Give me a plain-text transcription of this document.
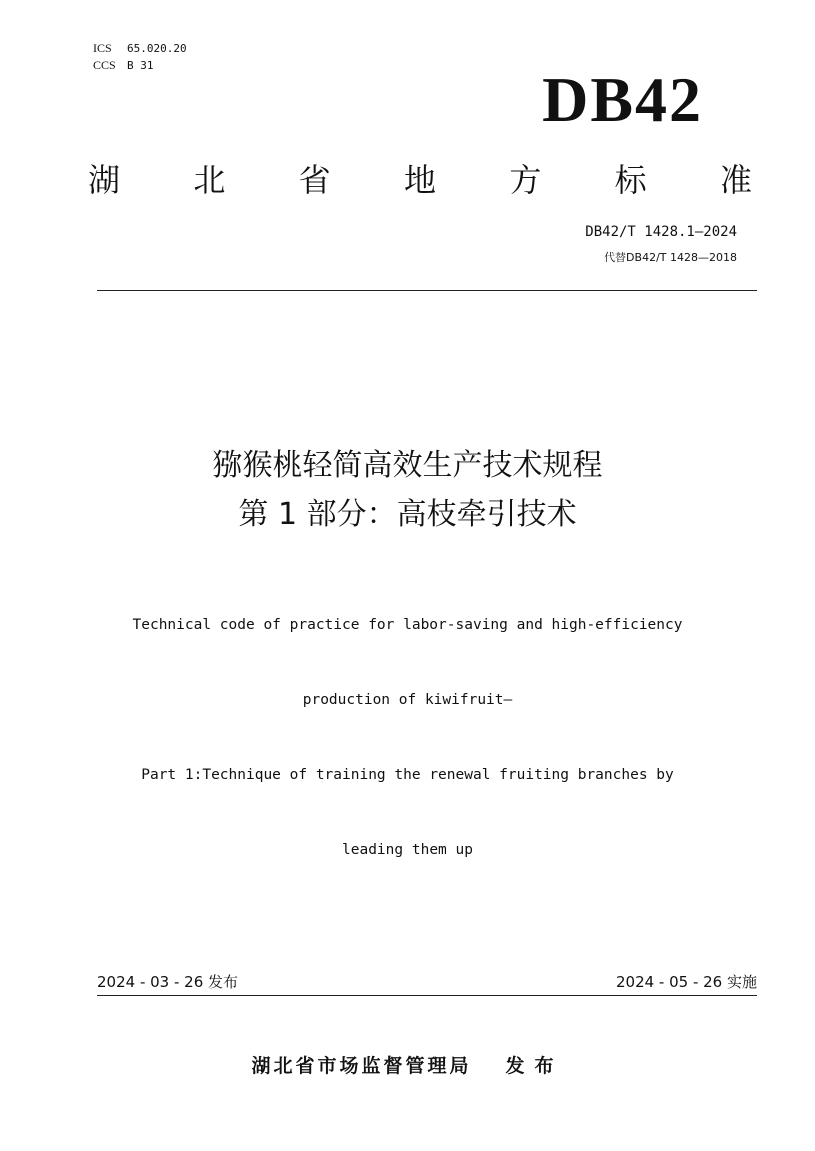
ICS 65.020.20
CCS B 31	DB42
湖 北 省 地 方 标 准
DB42/T 1428.1—2024
代替DB42/T 1428—2018
猕猴桃轻简高效生产技术规程
第 1 部分：高枝牵引技术

Technical code of practice for labor-saving and high-efficiency

production of kiwifruit—

Part 1:Technique of training the renewal fruiting branches by

leading them up

2024 - 03 - 26 发布	2024 - 05 - 26 实施
湖北省市场监督管理局 发布
